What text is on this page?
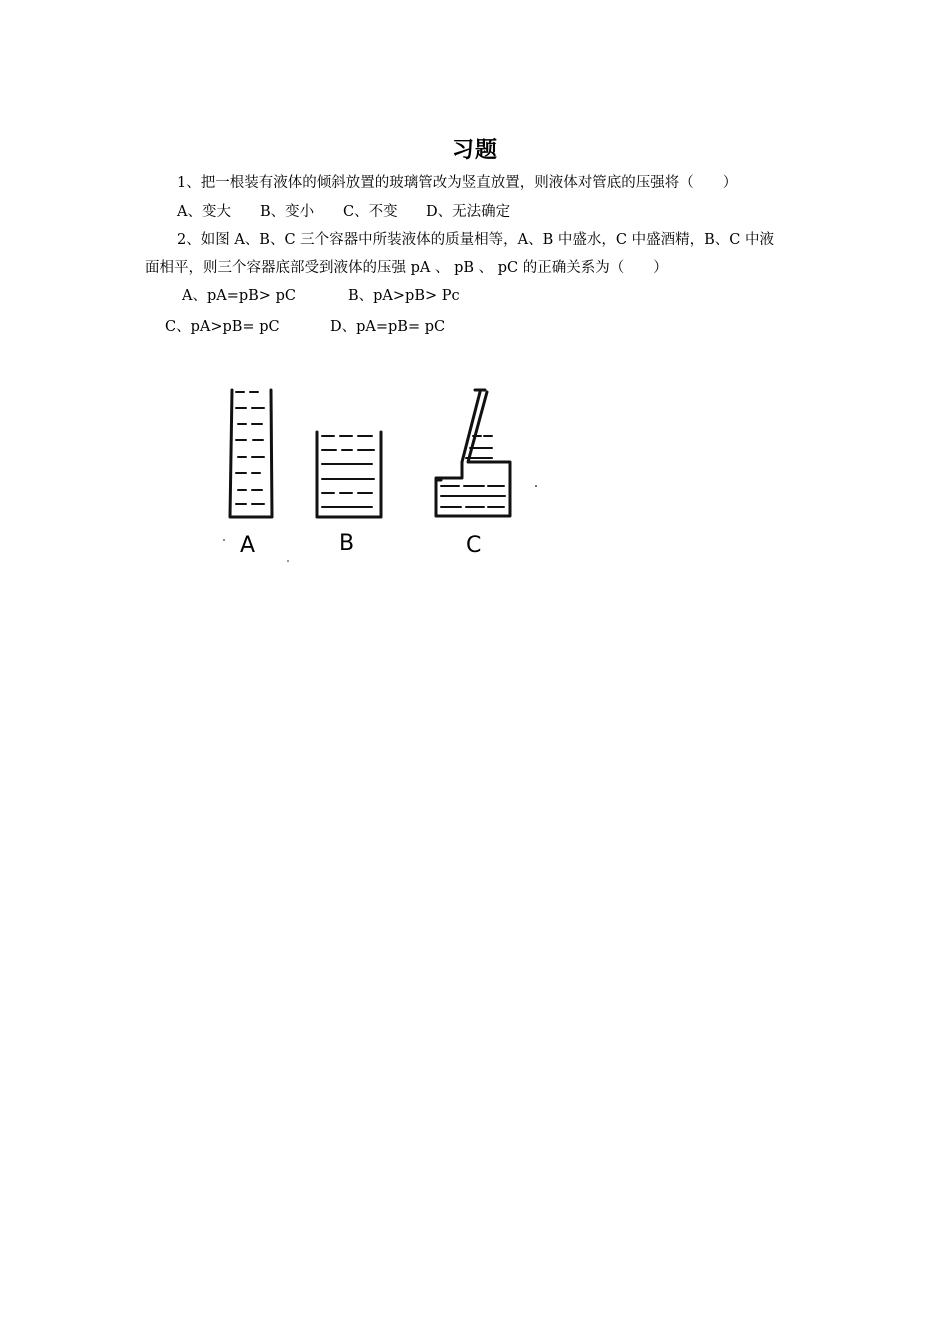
习题
1、把一根装有液体的倾斜放置的玻璃管改为竖直放置，则液体对管底的压强将（　　）
A、变大 B、变小 C、不变 D、无法确定
2、如图 A、B、C 三个容器中所装液体的质量相等，A、B 中盛水，C 中盛酒精，B、C 中液
面相平，则三个容器底部受到液体的压强 pA 、 pB 、 pC 的正确关系为（　　）
A、pA=pB> pC	B、pA>pB> Pc
C、pA>pB= pC	D、pA=pB= pC
A	B	C
